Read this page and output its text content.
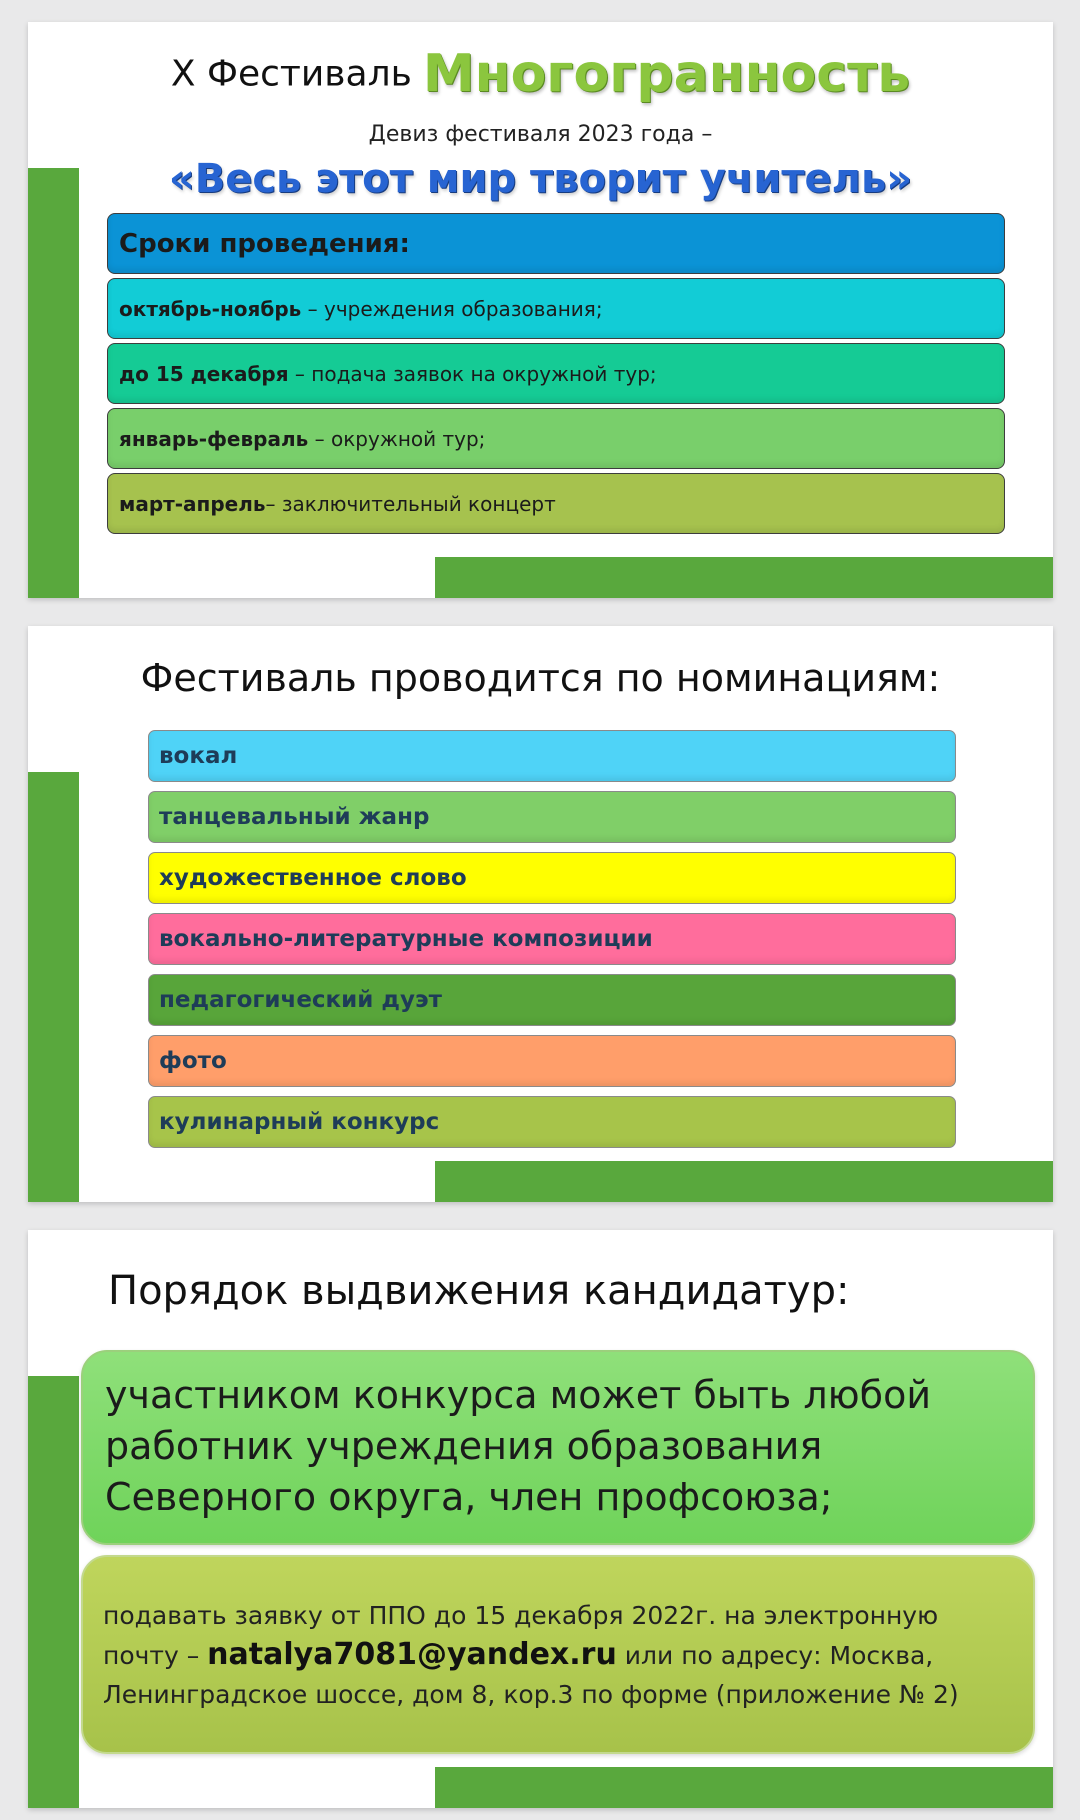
X Фестиваль Многогранность
Девиз фестиваля 2023 года –
«Весь этот мир творит учитель»
Сроки проведения:
октябрь-ноябрь – учреждения образования;
до 15 декабря – подача заявок на окружной тур;
январь-февраль – окружной тур;
март-апрель– заключительный концерт
Фестиваль проводится по номинациям:
вокал
танцевальный жанр
художественное слово
вокально-литературные композиции
педагогический дуэт
фото
кулинарный конкурс
Порядок выдвижения кандидатур:
участником конкурса может быть любой
работник учреждения образования
Северного округа, член профсоюза;
подавать заявку от ППО до 15 декабря 2022г. на электронную
почту – natalya7081@yandex.ru или по адресу: Москва,
Ленинградское шоссе, дом 8, кор.3 по форме (приложение № 2)
